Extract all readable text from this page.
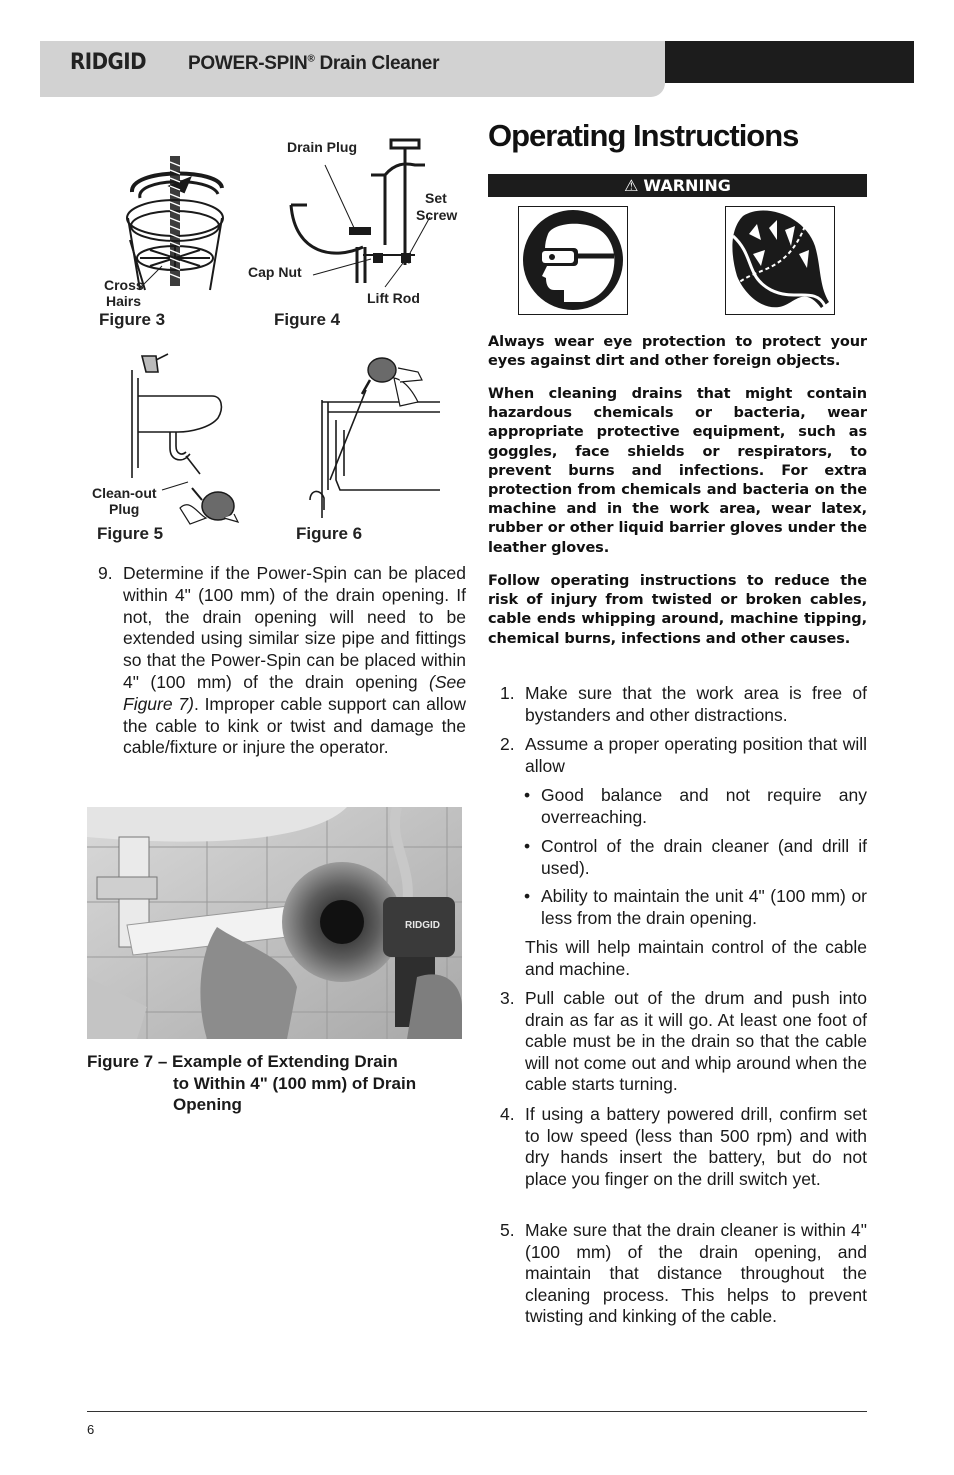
RIDGID POWER-SPIN® Drain Cleaner
Cross
Hairs
Figure 3
Drain Plug
Set
Screw
Cap Nut
Lift Rod
Figure 4
Clean-out
Plug
Figure 5	Figure 6
9. Determine if the Power-Spin can be placed within 4" (100 mm) of the drain opening. If not, the drain opening will need to be extended using similar size pipe and fittings so that the Power-Spin can be placed within 4" (100 mm) of the drain opening (See Figure 7). Improper cable support can allow the cable to kink or twist and damage the cable/fixture or injure the operator.
RIDGID
Figure 7 – Example of Extending Drain
to Within 4" (100 mm) of Drain
Opening
Operating Instructions
⚠ WARNING
Always wear eye protection to protect your eyes against dirt and other foreign objects.
When cleaning drains that might contain hazardous chemicals or bacteria, wear appropriate protective equipment, such as goggles, face shields or respirators, to prevent burns and infections. For extra protection from chemicals and bacteria on the machine and in the work area, wear latex, rubber or other liquid barrier gloves under the leather gloves.
Follow operating instructions to reduce the risk of injury from twisted or broken cables, cable ends whipping around, machine tipping, chemical burns, infections and other causes.
1. Make sure that the work area is free of bystanders and other distractions.
2. Assume a proper operating position that will allow
• Good balance and not require any overreaching.
• Control of the drain cleaner (and drill if used).
• Ability to maintain the unit 4" (100 mm) or less from the drain opening.
This will help maintain control of the cable and machine.
3. Pull cable out of the drum and push into drain as far as it will go. At least one foot of cable must be in the drain so that the cable will not come out and whip around when the cable starts turning.
4. If using a battery powered drill, confirm set to low speed (less than 500 rpm) and with dry hands insert the battery, but do not place you finger on the drill switch yet.
5. Make sure that the drain cleaner is within 4" (100 mm) of the drain opening, and maintain that distance throughout the cleaning process. This helps to prevent twisting and kinking of the cable.
6
